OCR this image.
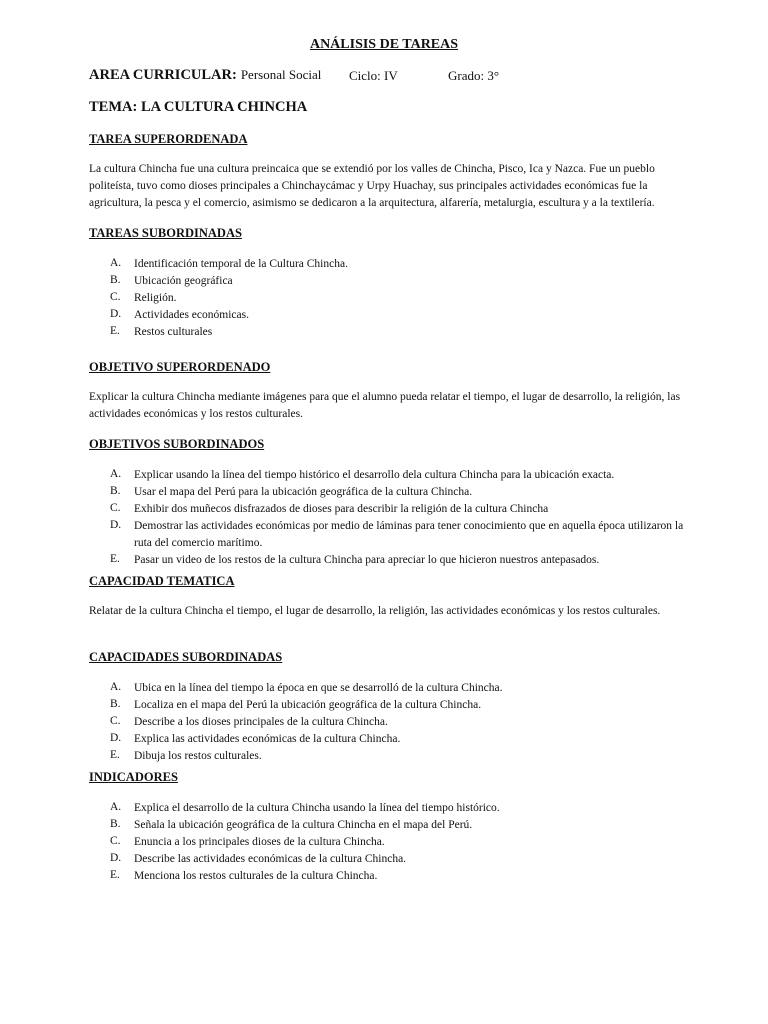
ANÁLISIS DE TAREAS
AREA CURRICULAR: Personal Social Ciclo: IV	Grado: 3°
TEMA: LA CULTURA CHINCHA
TAREA SUPERORDENADA

La cultura Chincha fue una cultura preincaica que se extendió por los valles de Chincha, Pisco, Ica y Nazca. Fue un pueblo politeísta, tuvo como dioses principales a Chinchaycámac y Urpy Huachay, sus principales actividades económicas fue la agricultura, la pesca y el comercio, asimismo se dedicaron a la arquitectura, alfarería, metalurgia, escultura y a la textilería.

TAREAS SUBORDINADAS
A. Identificación temporal de la Cultura Chincha.
B. Ubicación geográfica
C. Religión.
D. Actividades económicas.
E. Restos culturales
OBJETIVO SUPERORDENADO

Explicar la cultura Chincha mediante imágenes para que el alumno pueda relatar el tiempo, el lugar de desarrollo, la religión, las actividades económicas y los restos culturales.

OBJETIVOS SUBORDINADOS
A. Explicar usando la línea del tiempo histórico el desarrollo dela cultura Chincha para la ubicación exacta.
B. Usar el mapa del Perú para la ubicación geográfica de la cultura Chincha.
C. Exhibir dos muñecos disfrazados de dioses para describir la religión de la cultura Chincha
D. Demostrar las actividades económicas por medio de láminas para tener conocimiento que en aquella época utilizaron la ruta del comercio marítimo.
E. Pasar un video de los restos de la cultura Chincha para apreciar lo que hicieron nuestros antepasados.
CAPACIDAD TEMATICA

Relatar de la cultura Chincha el tiempo, el lugar de desarrollo, la religión, las actividades económicas y los restos culturales.

CAPACIDADES SUBORDINADAS
A. Ubica en la línea del tiempo la época en que se desarrolló de la cultura Chincha.
B. Localiza en el mapa del Perú la ubicación geográfica de la cultura Chincha.
C. Describe a los dioses principales de la cultura Chincha.
D. Explica las actividades económicas de la cultura Chincha.
E. Dibuja los restos culturales.
INDICADORES
A. Explica el desarrollo de la cultura Chincha usando la línea del tiempo histórico.
B. Señala la ubicación geográfica de la cultura Chincha en el mapa del Perú.
C. Enuncia a los principales dioses de la cultura Chincha.
D. Describe las actividades económicas de la cultura Chincha.
E. Menciona los restos culturales de la cultura Chincha.
